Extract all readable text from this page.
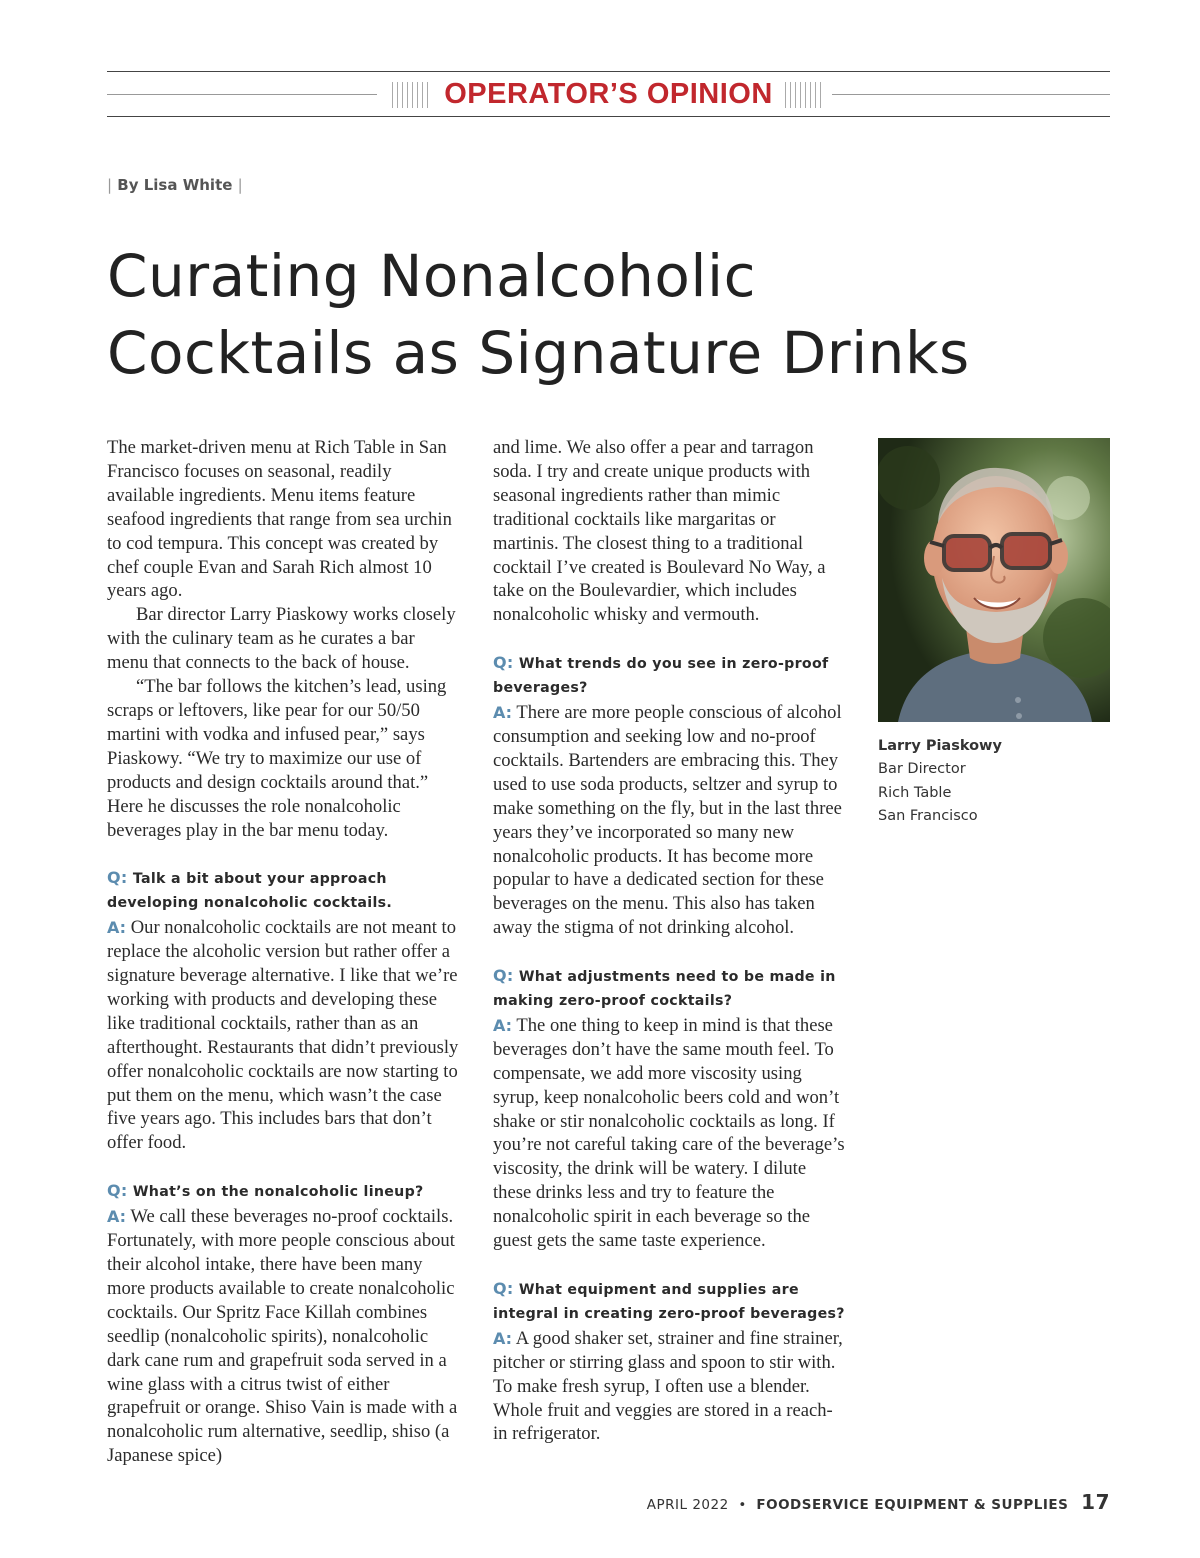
OPERATOR’S OPINION
| By Lisa White |
Curating Nonalcoholic
Cocktails as Signature Drinks

The market-driven menu at Rich Table in San Francisco focuses on seasonal, readily available ingredients. Menu items feature seafood ingredients that range from sea urchin to cod tempura. This concept was created by chef couple Evan and Sarah Rich almost 10 years ago.

Bar director Larry Piaskowy works closely with the culinary team as he curates a bar menu that connects to the back of house.

“The bar follows the kitchen’s lead, using scraps or leftovers, like pear for our 50/50 martini with vodka and infused pear,” says Piaskowy. “We try to maximize our use of products and design cocktails around that.” Here he discusses the role nonalcoholic beverages play in the bar menu today.

Q: Talk a bit about your approach developing nonalcoholic cocktails.
A: Our nonalcoholic cocktails are not meant to replace the alcoholic version but rather offer a signature beverage alternative. I like that we’re working with products and developing these like traditional cocktails, rather than as an afterthought. Restaurants that didn’t previously offer nonalcoholic cocktails are now starting to put them on the menu, which wasn’t the case five years ago. This includes bars that don’t offer food.
Q: What’s on the nonalcoholic lineup?
A: We call these beverages no-proof cocktails. Fortunately, with more people conscious about their alcohol intake, there have been many more products available to create nonalcoholic cocktails. Our Spritz Face Killah combines seedlip (nonalcoholic spirits), nonalcoholic dark cane rum and grapefruit soda served in a wine glass with a citrus twist of either grapefruit or orange. Shiso Vain is made with a nonalcoholic rum alternative, seedlip, shiso (a Japanese spice)

and lime. We also offer a pear and tarragon soda. I try and create unique products with seasonal ingredients rather than mimic traditional cocktails like margaritas or martinis. The closest thing to a traditional cocktail I’ve created is Boulevard No Way, a take on the Boulevardier, which includes nonalcoholic whisky and vermouth.

Q: What trends do you see in zero-proof beverages?
A: There are more people conscious of alcohol consumption and seeking low and no-proof cocktails. Bartenders are embracing this. They used to use soda products, seltzer and syrup to make something on the fly, but in the last three years they’ve incorporated so many new nonalcoholic products. It has become more popular to have a dedicated section for these beverages on the menu. This also has taken away the stigma of not drinking alcohol.
Q: What adjustments need to be made in making zero-proof cocktails?
A: The one thing to keep in mind is that these beverages don’t have the same mouth feel. To compensate, we add more viscosity using syrup, keep nonalcoholic beers cold and won’t shake or stir nonalcoholic cocktails as long. If you’re not careful taking care of the beverage’s viscosity, the drink will be watery. I dilute these drinks less and try to feature the nonalcoholic spirit in each beverage so the guest gets the same taste experience.
Q: What equipment and supplies are integral in creating zero-proof beverages?
A: A good shaker set, strainer and fine strainer, pitcher or stirring glass and spoon to stir with. To make fresh syrup, I often use a blender. Whole fruit and veggies are stored in a reach-in refrigerator.
Larry Piaskowy
Bar Director
Rich Table
San Francisco
APRIL 2022 • FOODSERVICE EQUIPMENT & SUPPLIES 17
